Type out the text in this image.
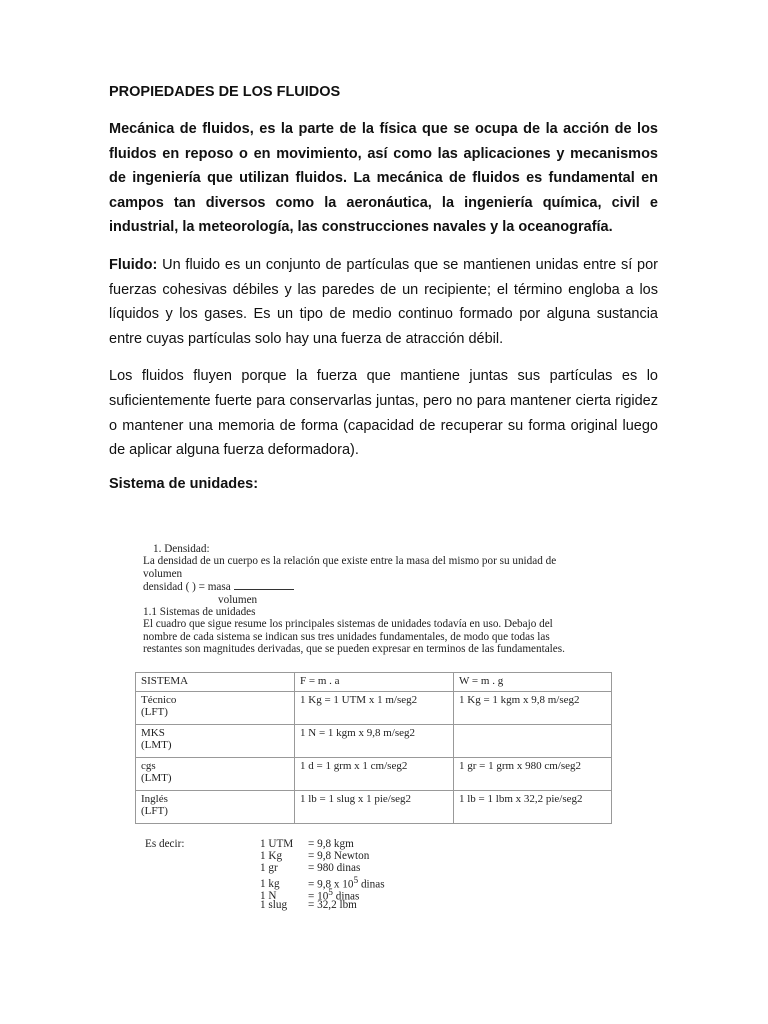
PROPIEDADES DE LOS FLUIDOS

Mecánica de fluidos, es la parte de la física que se ocupa de la acción de los fluidos en reposo o en movimiento, así como las aplicaciones y mecanismos de ingeniería que utilizan fluidos. La mecánica de fluidos es fundamental en campos tan diversos como la aeronáutica, la ingeniería química, civil e industrial, la meteorología, las construcciones navales y la oceanografía.

Fluido: Un fluido es un conjunto de partículas que se mantienen unidas entre sí por fuerzas cohesivas débiles y las paredes de un recipiente; el término engloba a los líquidos y los gases. Es un tipo de medio continuo formado por alguna sustancia entre cuyas partículas solo hay una fuerza de atracción débil.

Los fluidos fluyen porque la fuerza que mantiene juntas sus partículas es lo suficientemente fuerte para conservarlas juntas, pero no para mantener cierta rigidez o mantener una memoria de forma (capacidad de recuperar su forma original luego de aplicar alguna fuerza deformadora).

Sistema de unidades:
1. Densidad:
La densidad de un cuerpo es la relación que existe entre la masa del mismo por su unidad de
volumen
densidad ( ) = masa
volumen
1.1 Sistemas de unidades
El cuadro que sigue resume los principales sistemas de unidades todavía en uso. Debajo del
nombre de cada sistema se indican sus tres unidades fundamentales, de modo que todas las
restantes son magnitudes derivadas, que se pueden expresar en terminos de las fundamentales.
SISTEMA	F = m . a	W = m . g

Técnico
(LFT)	1 Kg = 1 UTM x 1 m/seg2	1 Kg = 1 kgm x 9,8 m/seg2

MKS
(LMT)	1 N = 1 kgm x 9,8 m/seg2	

cgs
(LMT)	1 d = 1 grm x 1 cm/seg2	1 gr = 1 grm x 980 cm/seg2

Inglés
(LFT)	1 lb = 1 slug x 1 pie/seg2	1 lb = 1 lbm x 32,2 pie/seg2
Es decir:	1 UTM = 9,8 kgm
1 Kg = 9,8 Newton
1 gr	= 980 dinas
1 kg	= 9,8 x $10^5$ dinas
1 N	= $10^5$ dinas
1 slug = 32,2 lbm
